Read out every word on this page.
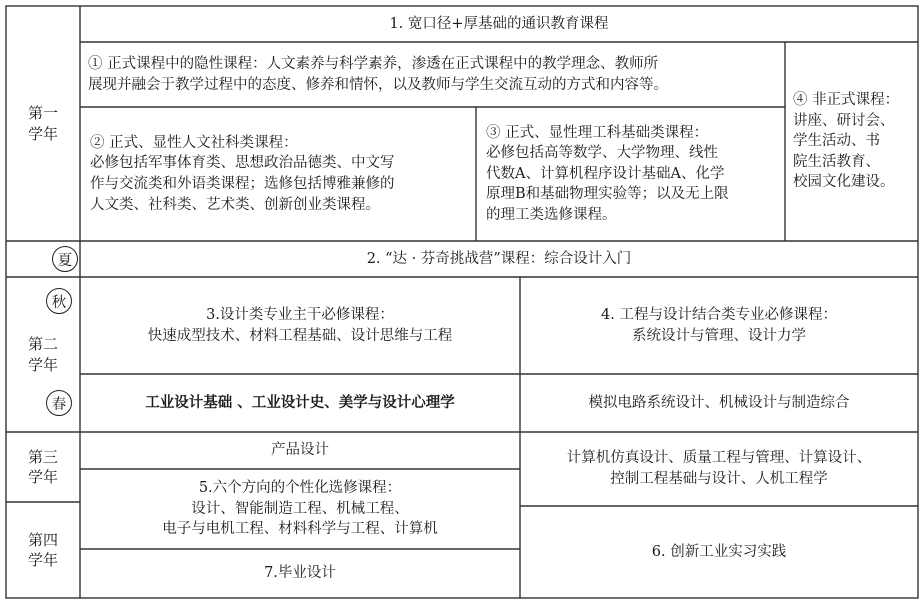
第一
学年
夏
第二
学年
秋
春
第三
学年
第四
学年
1. 宽口径+厚基础的通识教育课程
① 正式课程中的隐性课程：人文素养与科学素养，渗透在正式课程中的教学理念、教师所
展现并融会于教学过程中的态度、修养和情怀，以及教师与学生交流互动的方式和内容等。
② 正式、显性人文社科类课程：
必修包括军事体育类、思想政治品德类、中文写
作与交流类和外语类课程；选修包括博雅兼修的
人文类、社科类、艺术类、创新创业类课程。
③ 正式、显性理工科基础类课程：
必修包括高等数学、大学物理、线性
代数A、计算机程序设计基础A、化学
原理B和基础物理实验等；以及无上限
的理工类选修课程。
④ 非正式课程：
讲座、研讨会、
学生活动、书
院生活教育、
校园文化建设。
2. “达 · 芬奇挑战营”课程：综合设计入门
3.设计类专业主干必修课程：
快速成型技术、材料工程基础、设计思维与工程
4. 工程与设计结合类专业必修课程：
系统设计与管理、设计力学
工业设计基础 、工业设计史、美学与设计心理学	模拟电路系统设计、机械设计与制造综合
产品设计
计算机仿真设计、质量工程与管理、计算设计、
控制工程基础与设计、人机工程学
5.六个方向的个性化选修课程：
设计、智能制造工程、机械工程、
电子与电机工程、材料科学与工程、计算机
6. 创新工业实习实践
7.毕业设计
